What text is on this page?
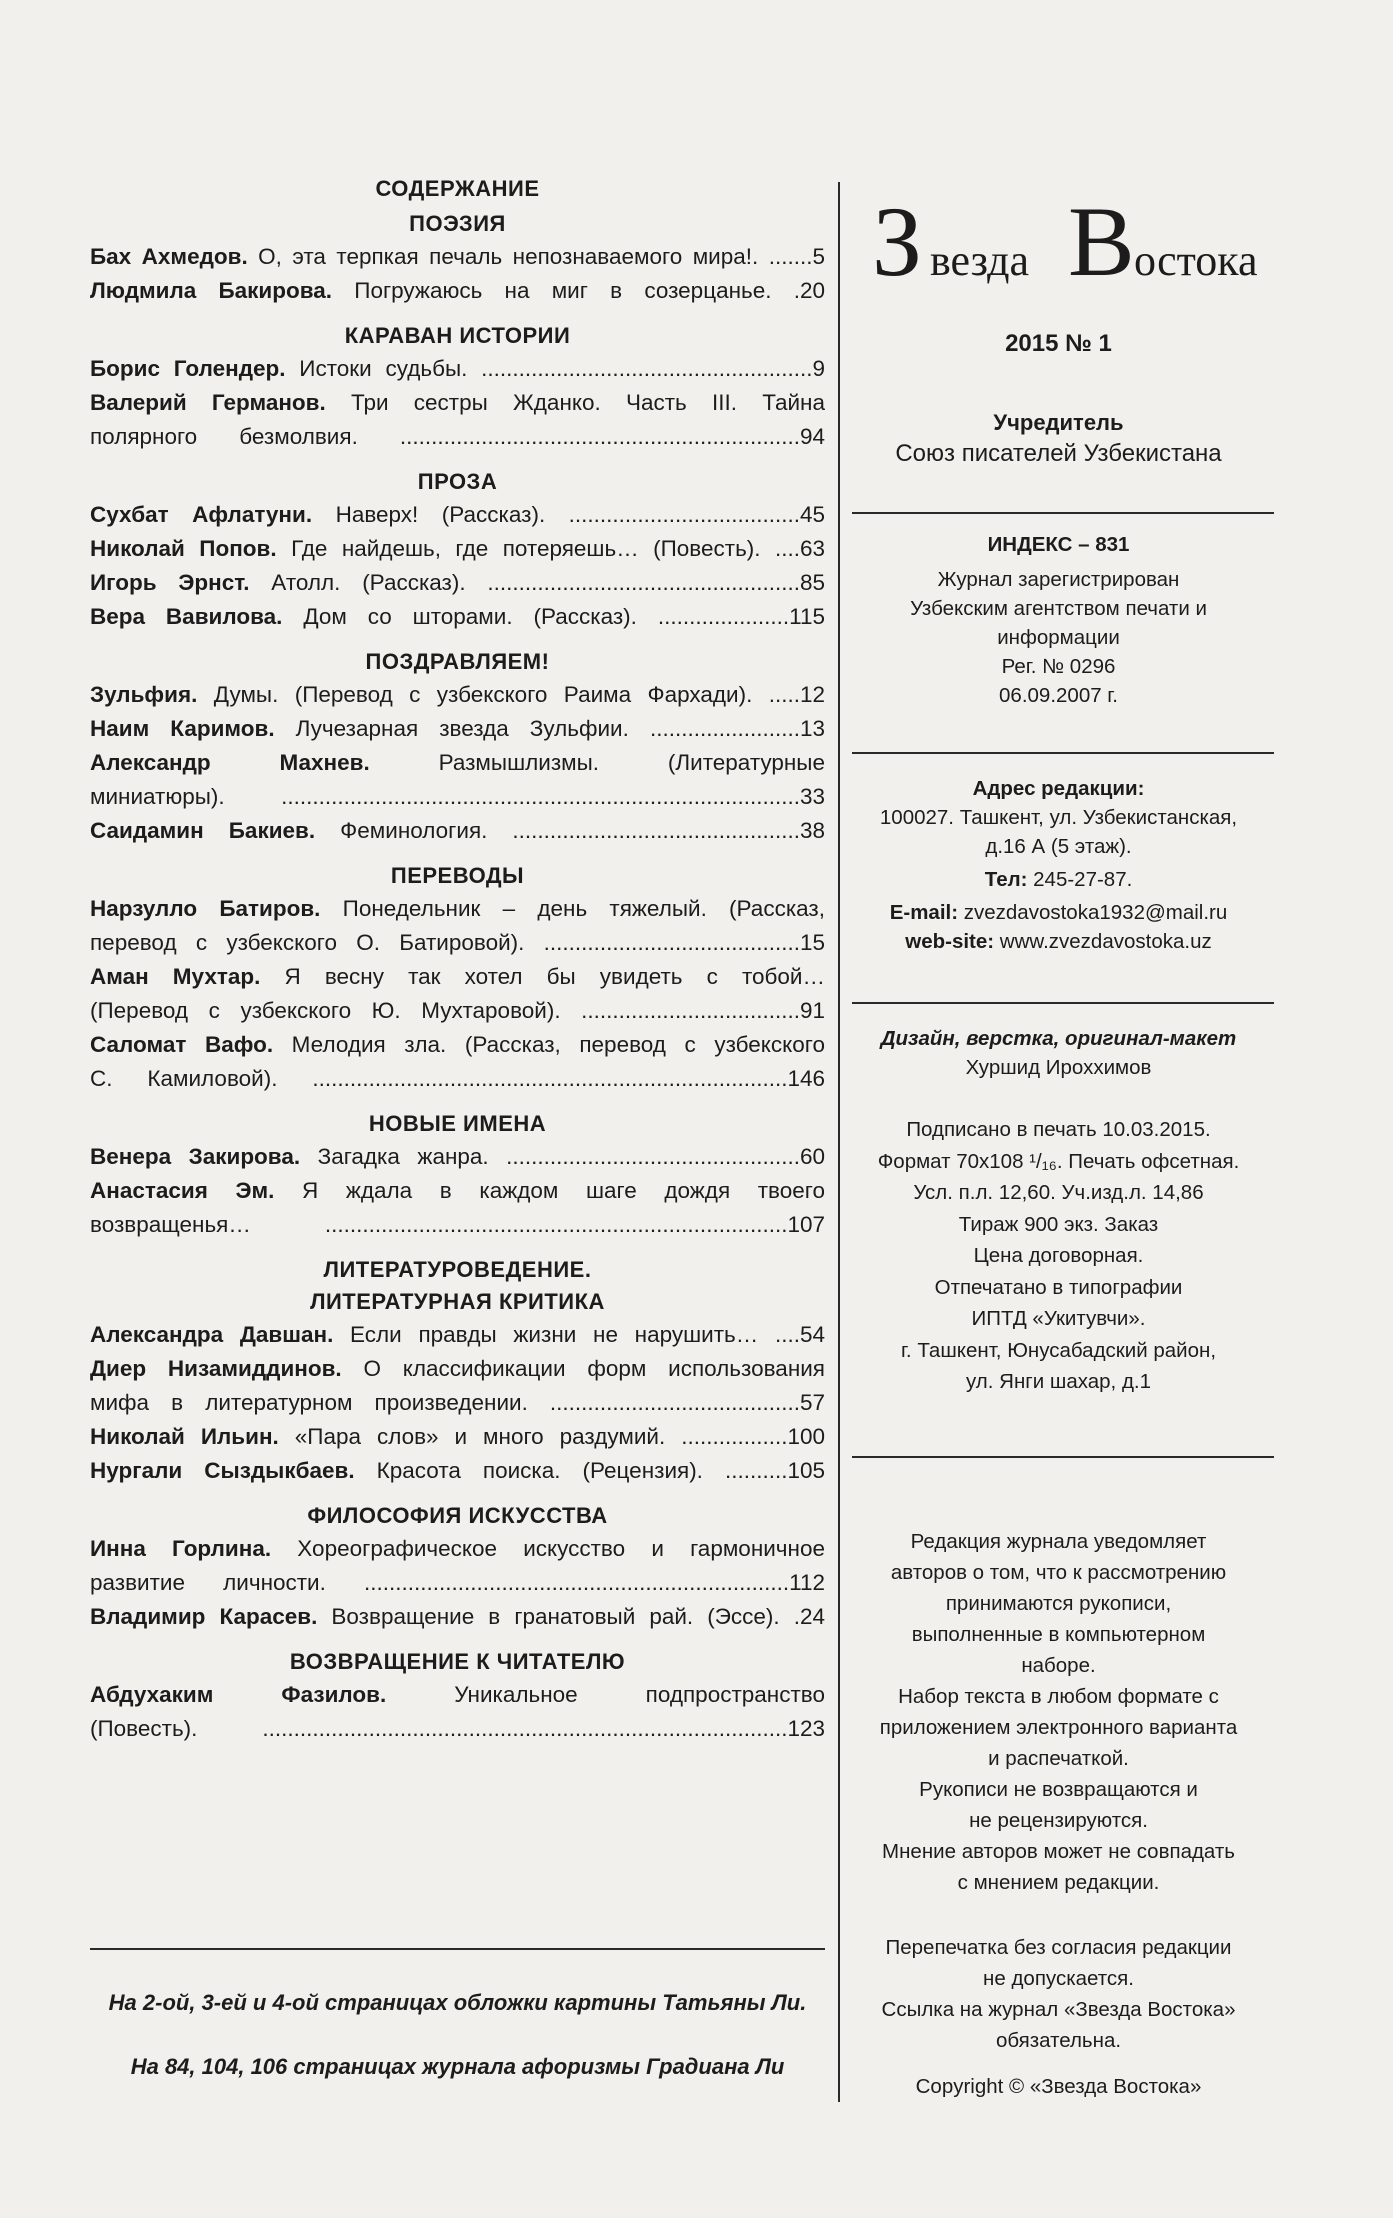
СОДЕРЖАНИЕ
ПОЭЗИЯ
Бах Ахмедов. О, эта терпкая печаль непознаваемого мира!. .......5
Людмила Бакирова. Погружаюсь на миг в созерцанье. .20
КАРАВАН ИСТОРИИ
Борис Голендер. Истоки судьбы. .....................................................9
Валерий Германов. Три сестры Жданко. Часть III. Тайна
полярного безмолвия. ................................................................94
ПРОЗА
Сухбат Афлатуни. Наверх! (Рассказ). .....................................45
Николай Попов. Где найдешь, где потеряешь… (Повесть). ....63
Игорь Эрнст. Атолл. (Рассказ). ..................................................85
Вера Вавилова. Дом со шторами. (Рассказ). .....................115
ПОЗДРАВЛЯЕМ!
Зульфия. Думы. (Перевод с узбекского Раима Фархади). .....12
Наим Каримов. Лучезарная звезда Зульфии. ........................13
Александр Махнев. Размышлизмы. (Литературные
миниатюры). ...................................................................................33
Саидамин Бакиев. Феминология. ..............................................38
ПЕРЕВОДЫ
Нарзулло Батиров. Понедельник – день тяжелый. (Рассказ,
перевод с узбекского О. Батировой). .........................................15
Аман Мухтар. Я весну так хотел бы увидеть с тобой…
(Перевод с узбекского Ю. Мухтаровой). ...................................91
Саломат Вафо. Мелодия зла. (Рассказ, перевод с узбекского
С. Камиловой). ............................................................................146
НОВЫЕ ИМЕНА
Венера Закирова. Загадка жанра. ...............................................60
Анастасия Эм. Я ждала в каждом шаге дождя твоего
возвращенья… ..........................................................................107
ЛИТЕРАТУРОВЕДЕНИЕ.
ЛИТЕРАТУРНАЯ КРИТИКА
Александра Давшан. Если правды жизни не нарушить… ....54
Диер Низамиддинов. О классификации форм использования
мифа в литературном произведении. ........................................57
Николай Ильин. «Пара слов» и много раздумий. .................100
Нургали Сыздыкбаев. Красота поиска. (Рецензия). ..........105
ФИЛОСОФИЯ ИСКУССТВА
Инна Горлина. Хореографическое искусство и гармоничное
развитие личности. ....................................................................112
Владимир Карасев. Возвращение в гранатовый рай. (Эссе). .24
ВОЗВРАЩЕНИЕ К ЧИТАТЕЛЮ
Абдухаким Фазилов. Уникальное подпространство
(Повесть). ....................................................................................123
На 2-ой, 3-ей и 4-ой страницах обложки картины Татьяны Ли.
На 84, 104, 106 страницах журнала афоризмы Градиана Ли
З везда В остока
2015 № 1
Учредитель
Союз писателей Узбекистана
ИНДЕКС – 831
Журнал зарегистрирован
Узбекским агентством печати и
информации
Рег. № 0296
06.09.2007 г.
Адрес редакции:
100027. Ташкент, ул. Узбекистанская,
д.16 А (5 этаж).
Тел: 245-27-87.
E-mail: zvezdavostoka1932@mail.ru
web-site: www.zvezdavostoka.uz
Дизайн, верстка, оригинал-макет
Хуршид Ироххимов
Подписано в печать 10.03.2015.
Формат 70х108 ¹/₁₆. Печать офсетная.
Усл. п.л. 12,60. Уч.изд.л. 14,86
Тираж 900 экз. Заказ
Цена договорная.
Отпечатано в типографии
ИПТД «Укитувчи».
г. Ташкент, Юнусабадский район,
ул. Янги шахар, д.1
Редакция журнала уведомляет
авторов о том, что к рассмотрению
принимаются рукописи,
выполненные в компьютерном
наборе.
Набор текста в любом формате с
приложением электронного варианта
и распечаткой.
Рукописи не возвращаются и
не рецензируются.
Мнение авторов может не совпадать
с мнением редакции.
Перепечатка без согласия редакции
не допускается.
Ссылка на журнал «Звезда Востока»
обязательна.
Copyright © «Звезда Востока»
